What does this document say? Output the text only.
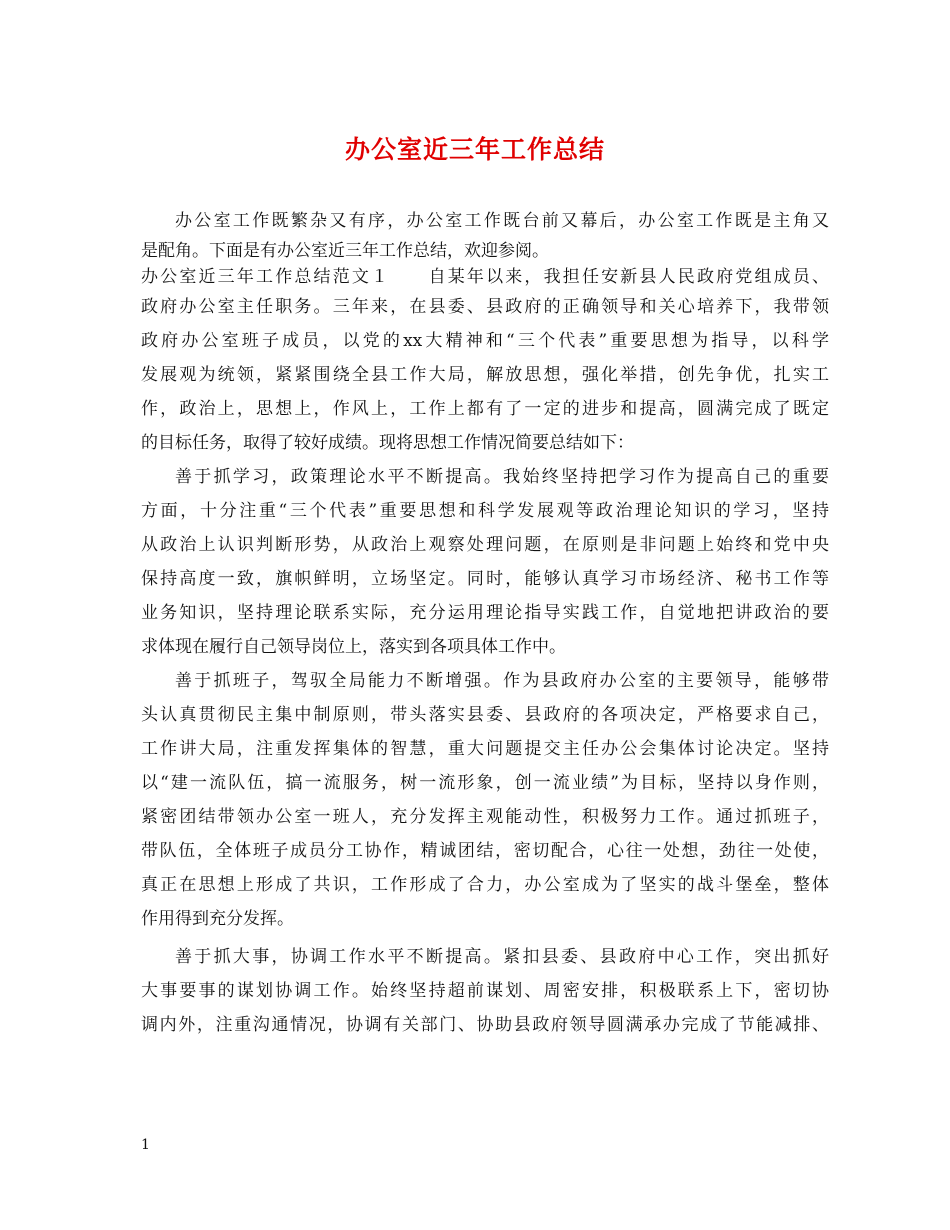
办公室近三年工作总结
办公室工作既繁杂又有序，办公室工作既台前又幕后，办公室工作既是主角又
是配角。下面是有办公室近三年工作总结，欢迎参阅。
办公室近三年工作总结范文１　　自某年以来，我担任安新县人民政府党组成员、
政府办公室主任职务。三年来，在县委、县政府的正确领导和关心培养下，我带领
政府办公室班子成员，以党的xx大精神和“三个代表”重要思想为指导，以科学
发展观为统领，紧紧围绕全县工作大局，解放思想，强化举措，创先争优，扎实工
作，政治上，思想上，作风上，工作上都有了一定的进步和提高，圆满完成了既定
的目标任务，取得了较好成绩。现将思想工作情况简要总结如下：
善于抓学习，政策理论水平不断提高。我始终坚持把学习作为提高自己的重要
方面，十分注重“三个代表”重要思想和科学发展观等政治理论知识的学习，坚持
从政治上认识判断形势，从政治上观察处理问题，在原则是非问题上始终和党中央
保持高度一致，旗帜鲜明，立场坚定。同时，能够认真学习市场经济、秘书工作等
业务知识，坚持理论联系实际，充分运用理论指导实践工作，自觉地把讲政治的要
求体现在履行自己领导岗位上，落实到各项具体工作中。
善于抓班子，驾驭全局能力不断增强。作为县政府办公室的主要领导，能够带
头认真贯彻民主集中制原则，带头落实县委、县政府的各项决定，严格要求自己，
工作讲大局，注重发挥集体的智慧，重大问题提交主任办公会集体讨论决定。坚持
以“建一流队伍，搞一流服务，树一流形象，创一流业绩”为目标，坚持以身作则，
紧密团结带领办公室一班人，充分发挥主观能动性，积极努力工作。通过抓班子，
带队伍，全体班子成员分工协作，精诚团结，密切配合，心往一处想，劲往一处使，
真正在思想上形成了共识，工作形成了合力，办公室成为了坚实的战斗堡垒，整体
作用得到充分发挥。
善于抓大事，协调工作水平不断提高。紧扣县委、县政府中心工作，突出抓好
大事要事的谋划协调工作。始终坚持超前谋划、周密安排，积极联系上下，密切协
调内外，注重沟通情况，协调有关部门、协助县政府领导圆满承办完成了节能减排、
1
